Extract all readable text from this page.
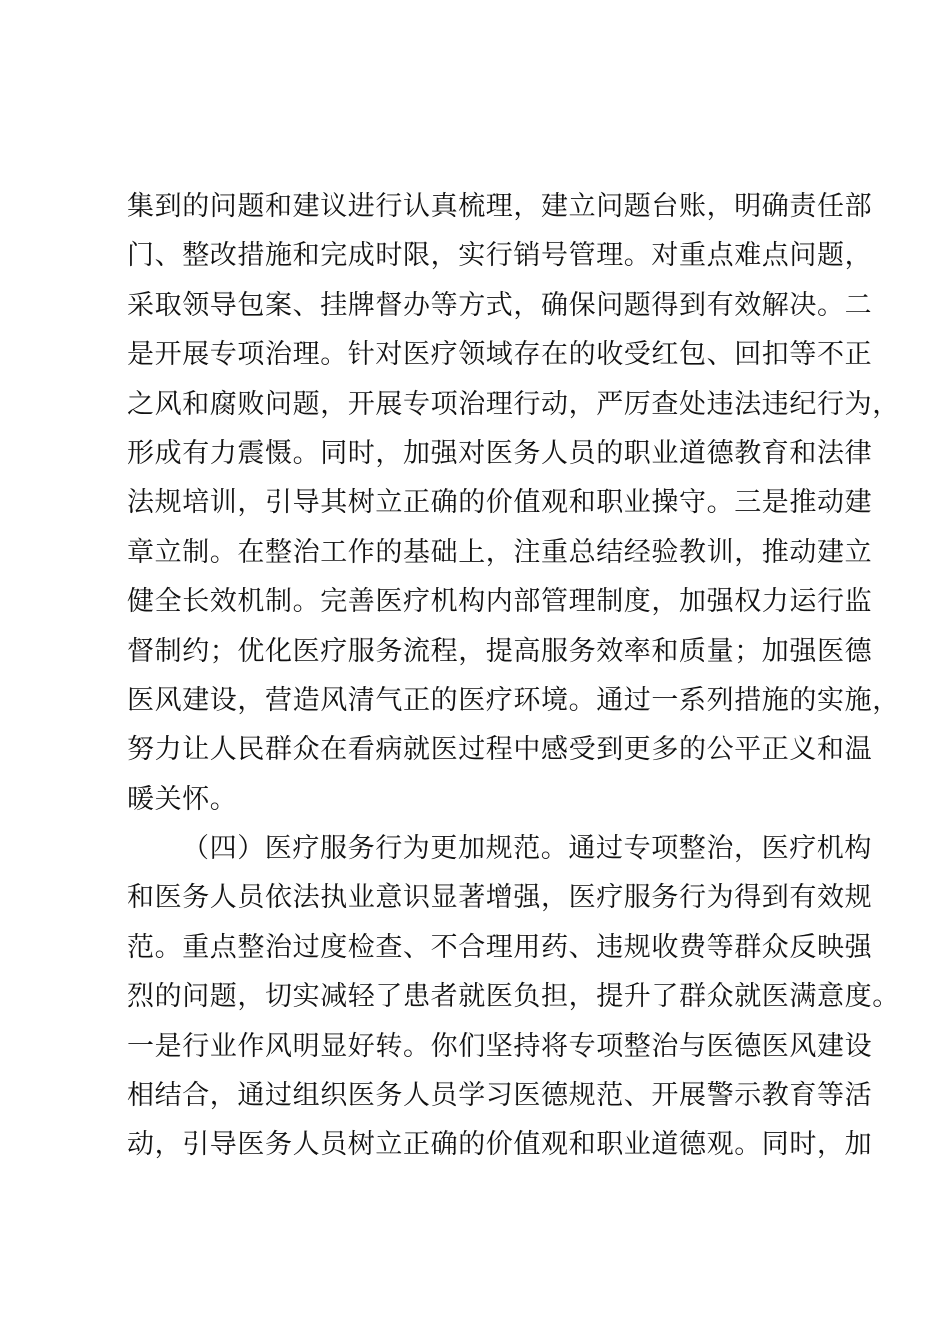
集到的问题和建议进行认真梳理，建立问题台账，明确责任部
门、整改措施和完成时限，实行销号管理。对重点难点问题，
采取领导包案、挂牌督办等方式，确保问题得到有效解决。二
是开展专项治理。针对医疗领域存在的收受红包、回扣等不正
之风和腐败问题，开展专项治理行动，严厉查处违法违纪行为，
形成有力震慑。同时，加强对医务人员的职业道德教育和法律
法规培训，引导其树立正确的价值观和职业操守。三是推动建
章立制。在整治工作的基础上，注重总结经验教训，推动建立
健全长效机制。完善医疗机构内部管理制度，加强权力运行监
督制约；优化医疗服务流程，提高服务效率和质量；加强医德
医风建设，营造风清气正的医疗环境。通过一系列措施的实施，
努力让人民群众在看病就医过程中感受到更多的公平正义和温
暖关怀。
（四）医疗服务行为更加规范。通过专项整治，医疗机构
和医务人员依法执业意识显著增强，医疗服务行为得到有效规
范。重点整治过度检查、不合理用药、违规收费等群众反映强
烈的问题，切实减轻了患者就医负担，提升了群众就医满意度。
一是行业作风明显好转。你们坚持将专项整治与医德医风建设
相结合，通过组织医务人员学习医德规范、开展警示教育等活
动，引导医务人员树立正确的价值观和职业道德观。同时，加
